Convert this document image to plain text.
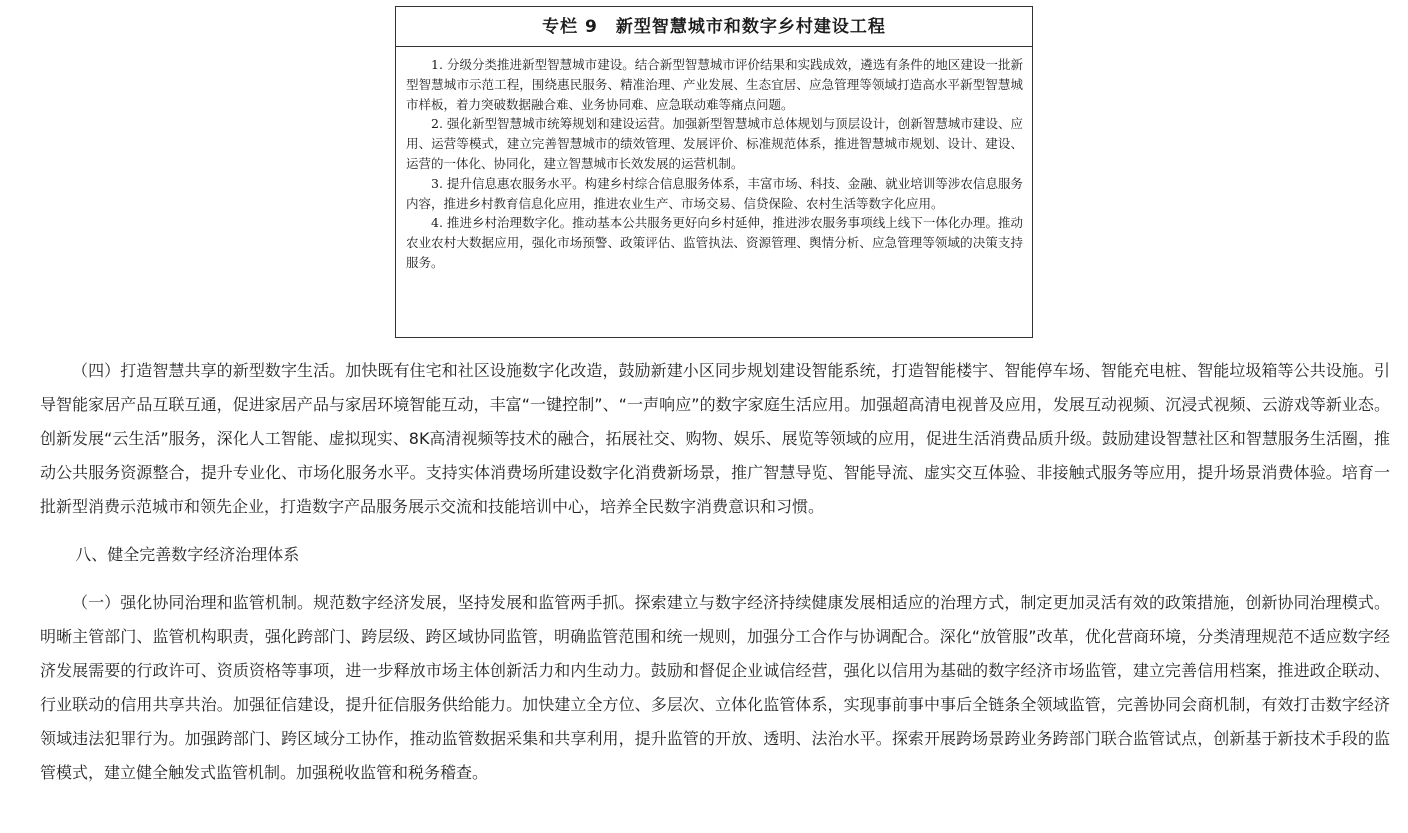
专栏 9　新型智慧城市和数字乡村建设工程

1. 分级分类推进新型智慧城市建设。结合新型智慧城市评价结果和实践成效，遴选有条件的地区建设一批新型智慧城市示范工程，围绕惠民服务、精准治理、产业发展、生态宜居、应急管理等领域打造高水平新型智慧城市样板，着力突破数据融合难、业务协同难、应急联动难等痛点问题。

2. 强化新型智慧城市统筹规划和建设运营。加强新型智慧城市总体规划与顶层设计，创新智慧城市建设、应用、运营等模式，建立完善智慧城市的绩效管理、发展评价、标准规范体系，推进智慧城市规划、设计、建设、运营的一体化、协同化，建立智慧城市长效发展的运营机制。

3. 提升信息惠农服务水平。构建乡村综合信息服务体系，丰富市场、科技、金融、就业培训等涉农信息服务内容，推进乡村教育信息化应用，推进农业生产、市场交易、信贷保险、农村生活等数字化应用。

4. 推进乡村治理数字化。推动基本公共服务更好向乡村延伸，推进涉农服务事项线上线下一体化办理。推动农业农村大数据应用，强化市场预警、政策评估、监管执法、资源管理、舆情分析、应急管理等领域的决策支持服务。

（四）打造智慧共享的新型数字生活。加快既有住宅和社区设施数字化改造，鼓励新建小区同步规划建设智能系统，打造智能楼宇、智能停车场、智能充电桩、智能垃圾箱等公共设施。引导智能家居产品互联互通，促进家居产品与家居环境智能互动，丰富“一键控制”、“一声响应”的数字家庭生活应用。加强超高清电视普及应用，发展互动视频、沉浸式视频、云游戏等新业态。创新发展“云生活”服务，深化人工智能、虚拟现实、8K高清视频等技术的融合，拓展社交、购物、娱乐、展览等领域的应用，促进生活消费品质升级。鼓励建设智慧社区和智慧服务生活圈，推动公共服务资源整合，提升专业化、市场化服务水平。支持实体消费场所建设数字化消费新场景，推广智慧导览、智能导流、虚实交互体验、非接触式服务等应用，提升场景消费体验。培育一批新型消费示范城市和领先企业，打造数字产品服务展示交流和技能培训中心，培养全民数字消费意识和习惯。

八、健全完善数字经济治理体系

（一）强化协同治理和监管机制。规范数字经济发展，坚持发展和监管两手抓。探索建立与数字经济持续健康发展相适应的治理方式，制定更加灵活有效的政策措施，创新协同治理模式。明晰主管部门、监管机构职责，强化跨部门、跨层级、跨区域协同监管，明确监管范围和统一规则，加强分工合作与协调配合。深化“放管服”改革，优化营商环境，分类清理规范不适应数字经济发展需要的行政许可、资质资格等事项，进一步释放市场主体创新活力和内生动力。鼓励和督促企业诚信经营，强化以信用为基础的数字经济市场监管，建立完善信用档案，推进政企联动、行业联动的信用共享共治。加强征信建设，提升征信服务供给能力。加快建立全方位、多层次、立体化监管体系，实现事前事中事后全链条全领域监管，完善协同会商机制，有效打击数字经济领域违法犯罪行为。加强跨部门、跨区域分工协作，推动监管数据采集和共享利用，提升监管的开放、透明、法治水平。探索开展跨场景跨业务跨部门联合监管试点，创新基于新技术手段的监管模式，建立健全触发式监管机制。加强税收监管和税务稽查。
